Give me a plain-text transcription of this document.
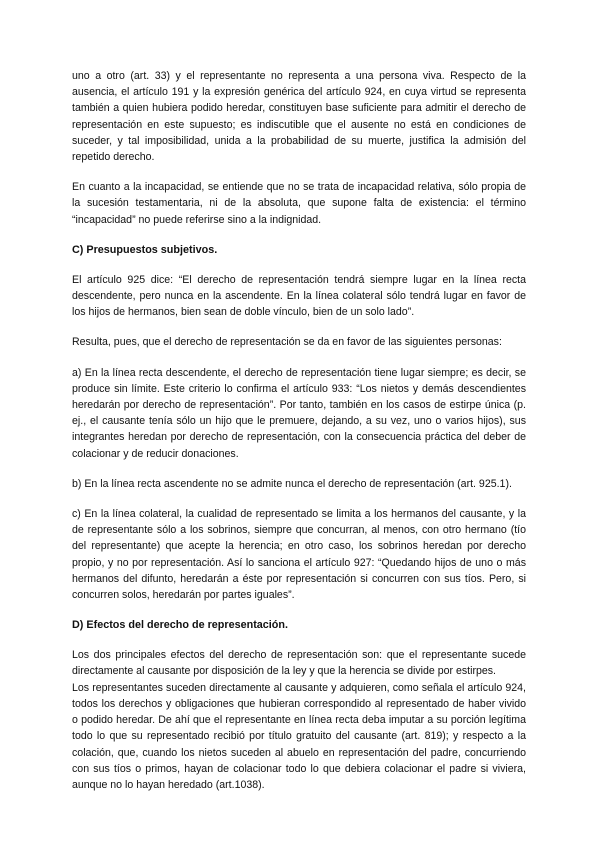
uno a otro (art. 33) y el representante no representa a una persona viva. Respecto de la ausencia, el artículo 191 y la expresión genérica del artículo 924, en cuya virtud se representa también a quien hubiera podido heredar, constituyen base suficiente para admitir el derecho de representación en este supuesto; es indiscutible que el ausente no está en condiciones de suceder, y tal imposibilidad, unida a la probabilidad de su muerte, justifica la admisión del repetido derecho.

En cuanto a la incapacidad, se entiende que no se trata de incapacidad relativa, sólo propia de la sucesión testamentaria, ni de la absoluta, que supone falta de existencia: el término “incapacidad” no puede referirse sino a la indignidad.

C) Presupuestos subjetivos.

El artículo 925 dice: “El derecho de representación tendrá siempre lugar en la línea recta descendente, pero nunca en la ascendente. En la línea colateral sólo tendrá lugar en favor de los hijos de hermanos, bien sean de doble vínculo, bien de un solo lado”.

Resulta, pues, que el derecho de representación se da en favor de las siguientes personas:

a) En la línea recta descendente, el derecho de representación tiene lugar siempre; es decir, se produce sin límite. Este criterio lo confirma el artículo 933: “Los nietos y demás descendientes heredarán por derecho de representación”. Por tanto, también en los casos de estirpe única (p. ej., el causante tenía sólo un hijo que le premuere, dejando, a su vez, uno o varios hijos), sus integrantes heredan por derecho de representación, con la consecuencia práctica del deber de colacionar y de reducir donaciones.

b) En la línea recta ascendente no se admite nunca el derecho de representación (art. 925.1).

c) En la línea colateral, la cualidad de representado se limita a los hermanos del causante, y la de representante sólo a los sobrinos, siempre que concurran, al menos, con otro hermano (tío del representante) que acepte la herencia; en otro caso, los sobrinos heredan por derecho propio, y no por representación. Así lo sanciona el artículo 927: “Quedando hijos de uno o más hermanos del difunto, heredarán a éste por representación si concurren con sus tíos. Pero, si concurren solos, heredarán por partes iguales”.

D) Efectos del derecho de representación.

Los dos principales efectos del derecho de representación son: que el representante sucede directamente al causante por disposición de la ley y que la herencia se divide por estirpes.

Los representantes suceden directamente al causante y adquieren, como señala el artículo 924, todos los derechos y obligaciones que hubieran correspondido al representado de haber vivido o podido heredar. De ahí que el representante en línea recta deba imputar a su porción legítima todo lo que su representado recibió por título gratuito del causante (art. 819); y respecto a la colación, que, cuando los nietos suceden al abuelo en representación del padre, concurriendo con sus tíos o primos, hayan de colacionar todo lo que debiera colacionar el padre si viviera, aunque no lo hayan heredado (art.1038).
